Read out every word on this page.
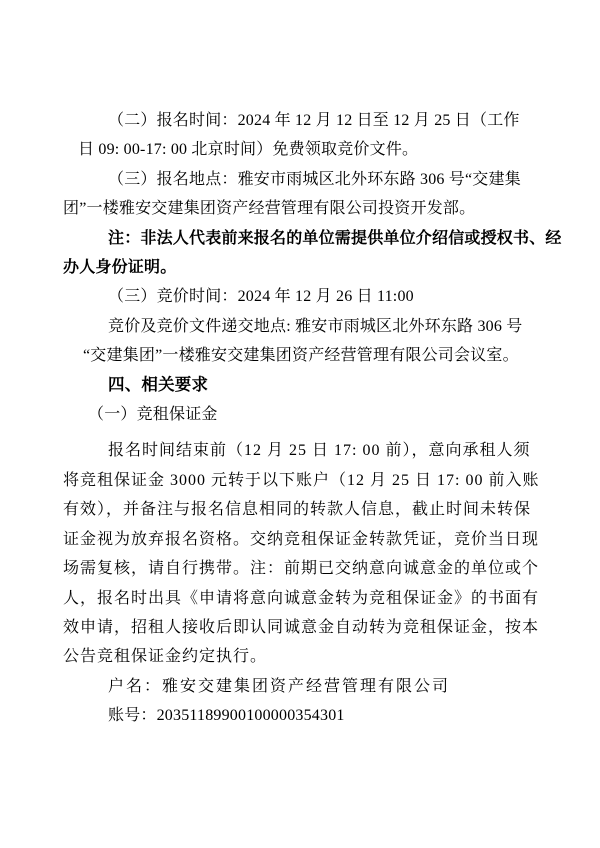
（二）报名时间：2024 年 12 月 12 日至 12 月 25 日（工作

日 09: 00-17: 00 北京时间）免费领取竞价文件。

（三）报名地点：雅安市雨城区北外环东路 306 号“交建集

团”一楼雅安交建集团资产经营管理有限公司投资开发部。

注：非法人代表前来报名的单位需提供单位介绍信或授权书、经

办人身份证明。

（三）竞价时间：2024 年 12 月 26 日 11:00

竞价及竞价文件递交地点: 雅安市雨城区北外环东路 306 号

“交建集团”一楼雅安交建集团资产经营管理有限公司会议室。

四、相关要求

（一）竞租保证金

报名时间结束前（12 月 25 日 17: 00 前），意向承租人须

将竞租保证金 3000 元转于以下账户（12 月 25 日 17: 00 前入账

有效），并备注与报名信息相同的转款人信息，截止时间未转保

证金视为放弃报名资格。交纳竞租保证金转款凭证，竞价当日现

场需复核，请自行携带。注：前期已交纳意向诚意金的单位或个

人，报名时出具《申请将意向诚意金转为竞租保证金》的书面有

效申请，招租人接收后即认同诚意金自动转为竞租保证金，按本

公告竞租保证金约定执行。

户名：雅安交建集团资产经营管理有限公司

账号：20351189900100000354301
